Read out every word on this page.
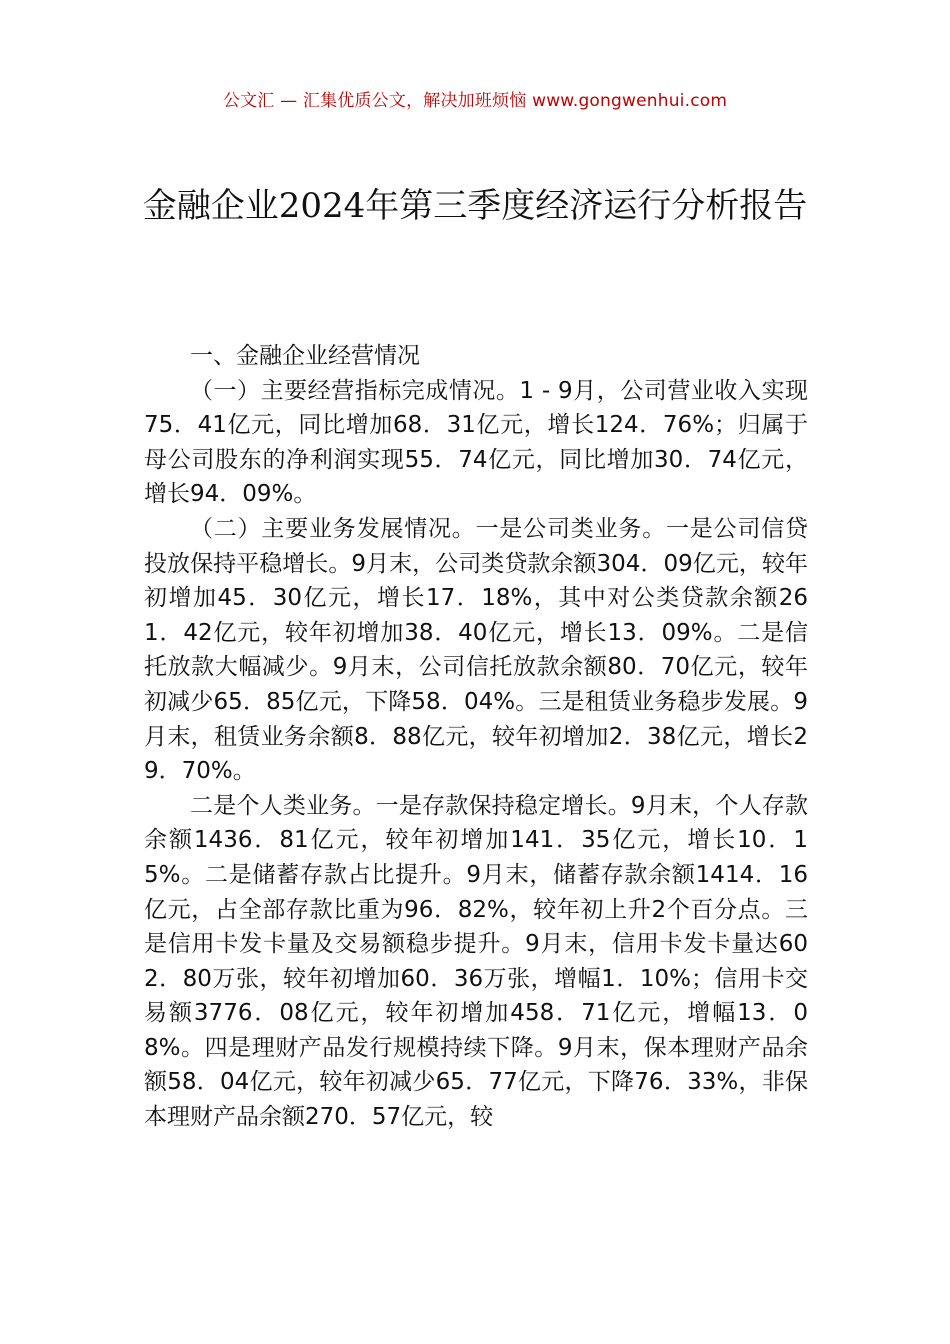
公文汇 — 汇集优质公文，解决加班烦恼 www.gongwenhui.com
金融企业2024年第三季度经济运行分析报告

一、金融企业经营情况

（一）主要经营指标完成情况。1 - 9月，公司营业收入实现75．41亿元，同比增加68．31亿元，增长124．76%；归属于母公司股东的净利润实现55．74亿元，同比增加30．74亿元，增长94．09%。

（二）主要业务发展情况。一是公司类业务。一是公司信贷投放保持平稳增长。9月末，公司类贷款余额304．09亿元，较年初增加45．30亿元，增长17．18%，其中对公类贷款余额261．42亿元，较年初增加38．40亿元，增长13．09%。二是信托放款大幅减少。9月末，公司信托放款余额80．70亿元，较年初减少65．85亿元，下降58．04%。三是租赁业务稳步发展。9月末，租赁业务余额8．88亿元，较年初增加2．38亿元，增长29．70%。

二是个人类业务。一是存款保持稳定增长。9月末，个人存款余额1436．81亿元，较年初增加141．35亿元，增长10．15%。二是储蓄存款占比提升。9月末，储蓄存款余额1414．16亿元，占全部存款比重为96．82%，较年初上升2个百分点。三是信用卡发卡量及交易额稳步提升。9月末，信用卡发卡量达602．80万张，较年初增加60．36万张，增幅1．10%；信用卡交易额3776．08亿元，较年初增加458．71亿元，增幅13．08%。四是理财产品发行规模持续下降。9月末，保本理财产品余额58．04亿元，较年初减少65．77亿元，下降76．33%，非保本理财产品余额270．57亿元，较
